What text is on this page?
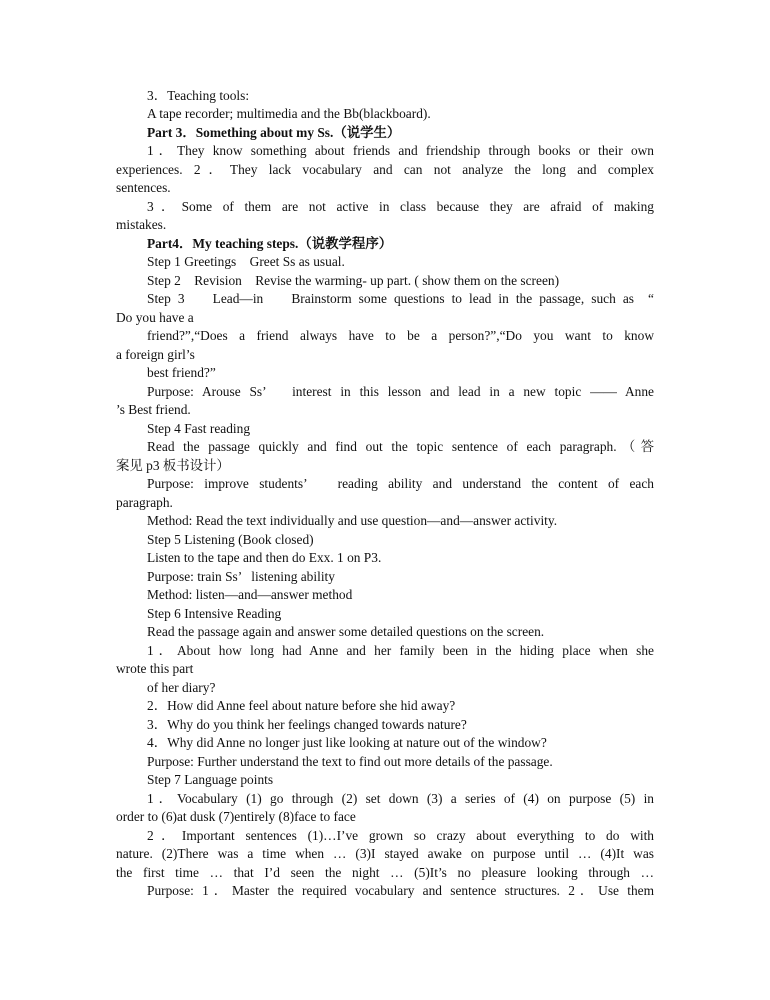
3．Teaching tools:
A tape recorder; multimedia and the Bb(blackboard).
Part 3．Something about my Ss.（说学生）
1．They know something about friends and friendship through books or their own
experiences. 2．They lack vocabulary and can not analyze the long and complex
sentences.
3．Some of them are not active in class because they are afraid of making
mistakes.
Part4．My teaching steps.（说教学程序）
Step 1 Greetings    Greet Ss as usual.
Step 2    Revision    Revise the warming- up part. ( show them on the screen)
Step 3    Lead—in    Brainstorm some questions to lead in the passage, such as  “
Do you have a
friend?”,“Does a friend always have to be a person?”,“Do you want to know
a foreign girl’s
best friend?”
Purpose: Arouse Ss’   interest in this lesson and lead in a new topic —— Anne
’s Best friend.
Step 4 Fast reading
Read the passage quickly and find out the topic sentence of each paragraph.（答
案见 p3 板书设计）
Purpose: improve students’   reading ability and understand the content of each
paragraph.
Method: Read the text individually and use question—and—answer activity.
Step 5 Listening (Book closed)
Listen to the tape and then do Exx. 1 on P3.
Purpose: train Ss’   listening ability
Method: listen—and—answer method
Step 6 Intensive Reading
Read the passage again and answer some detailed questions on the screen.
1．About how long had Anne and her family been in the hiding place when she
wrote this part
of her diary?
2．How did Anne feel about nature before she hid away?
3．Why do you think her feelings changed towards nature?
4．Why did Anne no longer just like looking at nature out of the window?
Purpose: Further understand the text to find out more details of the passage.
Step 7 Language points
1．Vocabulary (1) go through (2) set down (3) a series of (4) on purpose (5) in
order to (6)at dusk (7)entirely (8)face to face
2．Important sentences (1)…I’ve grown so crazy about everything to do with
nature. (2)There was a time when … (3)I stayed awake on purpose until … (4)It was
the first time … that I’d seen the night … (5)It’s no pleasure looking through …
Purpose: 1．Master the required vocabulary and sentence structures. 2．Use them
